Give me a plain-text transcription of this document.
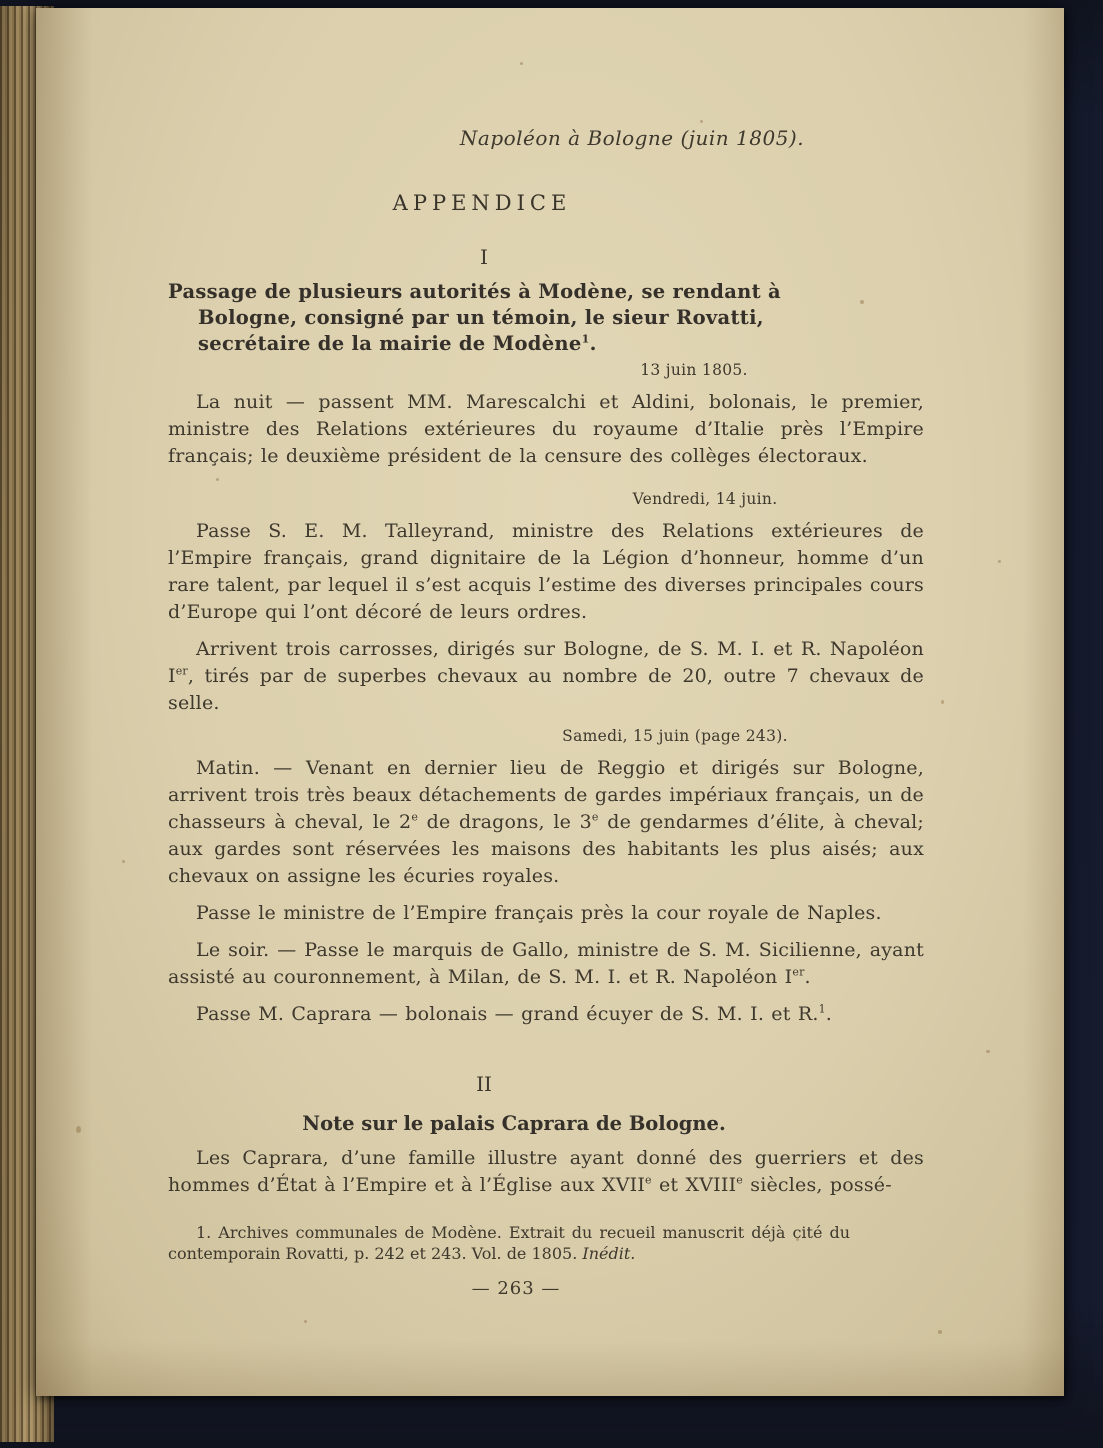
Napoléon à Bologne (juin 1805).
APPENDICE
I
Passage de plusieurs autorités à Modène, se rendant à Bologne, consigné par un témoin, le sieur Rovatti, secrétaire de la mairie de Modène$^1$.
13 juin 1805.

La nuit — passent MM. Marescalchi et Aldini, bolonais, le premier, ministre des Relations extérieures du royaume d’Italie près l’Empire français; le deuxième président de la censure des collèges électoraux.

Vendredi, 14 juin.

Passe S. E. M. Talleyrand, ministre des Relations extérieures de l’Empire français, grand dignitaire de la Légion d’honneur, homme d’un rare talent, par lequel il s’est acquis l’estime des diverses principales cours d’Europe qui l’ont décoré de leurs ordres.

Arrivent trois carrosses, dirigés sur Bologne, de S. M. I. et R. Napoléon Ier, tirés par de superbes chevaux au nombre de 20, outre 7 chevaux de selle.

Samedi, 15 juin (page 243).

Matin. — Venant en dernier lieu de Reggio et dirigés sur Bologne, arrivent trois très beaux détachements de gardes impériaux français, un de chasseurs à cheval, le 2e de dragons, le 3e de gendarmes d’élite, à cheval; aux gardes sont réservées les maisons des habitants les plus aisés; aux chevaux on assigne les écuries royales.

Passe le ministre de l’Empire français près la cour royale de Naples.

Le soir. — Passe le marquis de Gallo, ministre de S. M. Sicilienne, ayant assisté au couronnement, à Milan, de S. M. I. et R. Napoléon Ier.

Passe M. Caprara — bolonais — grand écuyer de S. M. I. et R.$^1$.

II
Note sur le palais Caprara de Bologne.

Les Caprara, d’une famille illustre ayant donné des guerriers et des hommes d’État à l’Empire et à l’Église aux XVIIe et XVIIIe siècles, possé-

1. Archives communales de Modène. Extrait du recueil manuscrit déjà cité du contemporain Rovatti, p. 242 et 243. Vol. de 1805. Inédit.
— 263 —
